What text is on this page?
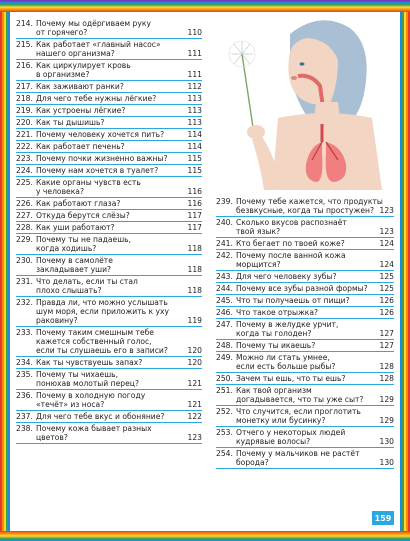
214. Почему мы одёргиваем руку
от горячего?	110
215. Как работает «главный насос»
нашего организма?	111
216. Как циркулирует кровь
в организме?	111
217. Как заживают ранки?	112
218. Для чего тебе нужны лёгкие?	113
219. Как устроены лёгкие?	113
220. Как ты дышишь?	113
221. Почему человеку хочется пить?	114
222. Как работает печень?	114
223. Почему почки жизненно важны?	115
224. Почему нам хочется в туалет?	115
225. Какие органы чувств есть
у человека?	116
226. Как работают глаза?	116
227. Откуда берутся слёзы?	117
228. Как уши работают?	117
229. Почему ты не падаешь,
когда ходишь?	118
230. Почему в самолёте
закладывает уши?	118
231. Что делать, если ты стал
плохо слышать?	118
232. Правда ли, что можно услышать
шум моря, если приложить к уху
раковину?	119
233. Почему таким смешным тебе
кажется собственный голос,
если ты слушаешь его в записи?	120
234. Как ты чувствуешь запах?	120
235. Почему ты чихаешь,
понюхав молотый перец?	121
236. Почему в холодную погоду
«течёт» из носа?	121
237. Для чего тебе вкус и обоняние?	122
238. Почему кожа бывает разных
цветов?	123
239. Почему тебе кажется, что продукты
безвкусные, когда ты простужен? 123
240. Сколько вкусов распознаёт
твой язык?	123
241. Кто бегает по твоей коже?	124
242. Почему после ванной кожа
морщится?	124
243. Для чего человеку зубы?	125
244. Почему все зубы разной формы?	125
245. Что ты получаешь от пищи?	126
246. Что такое отрыжка?	126
247. Почему в желудке урчит,
когда ты голоден?	127
248. Почему ты икаешь?	127
249. Можно ли стать умнее,
если есть больше рыбы?	128
250. Зачем ты ешь, что ты ешь?	128
251. Как твой организм
догадывается, что ты уже сыт?	129
252. Что случится, если проглотить
монетку или бусинку?	129
253. Отчего у некоторых людей
кудрявые волосы?	130
254. Почему у мальчиков не растёт
борода?	130
159
